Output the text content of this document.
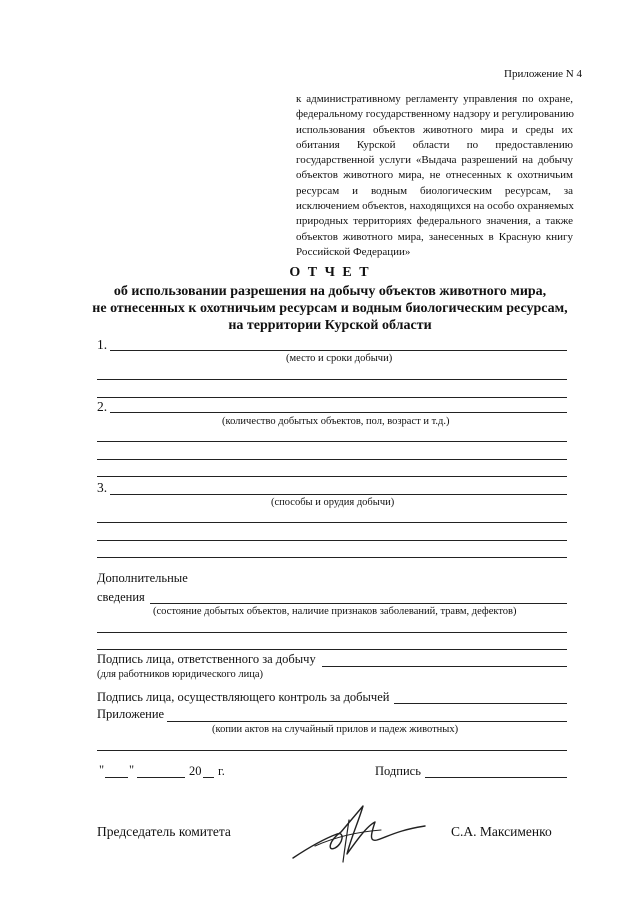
Приложение N 4
к административному регламенту управления по охране,
федеральному государственному надзору и регулированию
использования объектов животного мира и среды их
обитания Курской области по предоставлению
государственной услуги «Выдача разрешений на добычу
объектов животного мира, не отнесенных к охотничьим
ресурсам и водным биологическим ресурсам, за
исключением объектов, находящихся на особо охраняемых
природных территориях федерального значения, а также
объектов животного мира, занесенных в Красную книгу
Российской Федерации»
О Т Ч Е Т
об использовании разрешения на добычу объектов животного мира,
не отнесенных к охотничьим ресурсам и водным биологическим ресурсам,
на территории Курской области
1.
(место и сроки добычи)
2.
(количество добытых объектов, пол, возраст и т.д.)
3.
(способы и орудия добычи)
Дополнительные
сведения
(состояние добытых объектов, наличие признаков заболеваний, травм, дефектов)
Подпись лица, ответственного за добычу
(для работников юридического лица)
Подпись лица, осуществляющего контроль за добычей
Приложение
(копии актов на случайный прилов и падеж животных)
" "	20 г.	Подпись
Председатель комитета	С.А. Максименко
